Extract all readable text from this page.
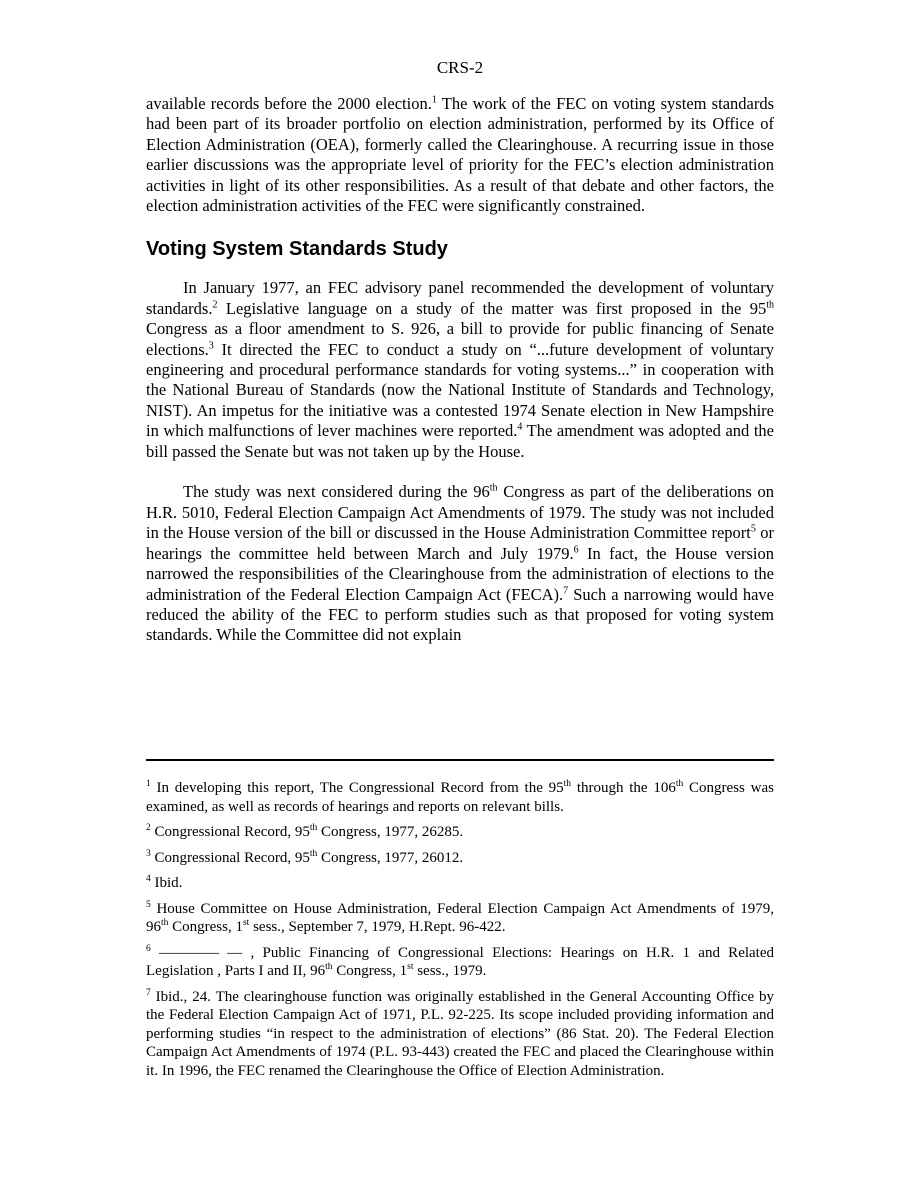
CRS-2

available records before the 2000 election.$^1$ The work of the FEC on voting system standards had been part of its broader portfolio on election administration, performed by its Office of Election Administration (OEA), formerly called the Clearinghouse. A recurring issue in those earlier discussions was the appropriate level of priority for the FEC’s election administration activities in light of its other responsibilities. As a result of that debate and other factors, the election administration activities of the FEC were significantly constrained.

Voting System Standards Study

In January 1977, an FEC advisory panel recommended the development of voluntary standards.$^2$ Legislative language on a study of the matter was first proposed in the 95th Congress as a floor amendment to S. 926, a bill to provide for public financing of Senate elections.$^3$ It directed the FEC to conduct a study on “...future development of voluntary engineering and procedural performance standards for voting systems...” in cooperation with the National Bureau of Standards (now the National Institute of Standards and Technology, NIST). An impetus for the initiative was a contested 1974 Senate election in New Hampshire in which malfunctions of lever machines were reported.$^4$ The amendment was adopted and the bill passed the Senate but was not taken up by the House.

The study was next considered during the 96th Congress as part of the deliberations on H.R. 5010, Federal Election Campaign Act Amendments of 1979. The study was not included in the House version of the bill or discussed in the House Administration Committee report$^5$ or hearings the committee held between March and July 1979.$^6$ In fact, the House version narrowed the responsibilities of the Clearinghouse from the administration of elections to the administration of the Federal Election Campaign Act (FECA).$^7$ Such a narrowing would have reduced the ability of the FEC to perform studies such as that proposed for voting system standards. While the Committee did not explain

$^1$ In developing this report, The Congressional Record from the 95th through the 106th Congress was examined, as well as records of hearings and reports on relevant bills.

$^2$ Congressional Record, 95th Congress, 1977, 26285.

$^3$ Congressional Record, 95th Congress, 1977, 26012.

$^4$ Ibid.

$^5$ House Committee on House Administration, Federal Election Campaign Act Amendments of 1979, 96th Congress, 1st sess., September 7, 1979, H.Rept. 96-422.

$^6$ ———— — , Public Financing of Congressional Elections: Hearings on H.R. 1 and Related Legislation , Parts I and II, 96th Congress, 1st sess., 1979.

$^7$ Ibid., 24. The clearinghouse function was originally established in the General Accounting Office by the Federal Election Campaign Act of 1971, P.L. 92-225. Its scope included providing information and performing studies “in respect to the administration of elections” (86 Stat. 20). The Federal Election Campaign Act Amendments of 1974 (P.L. 93-443) created the FEC and placed the Clearinghouse within it. In 1996, the FEC renamed the Clearinghouse the Office of Election Administration.
